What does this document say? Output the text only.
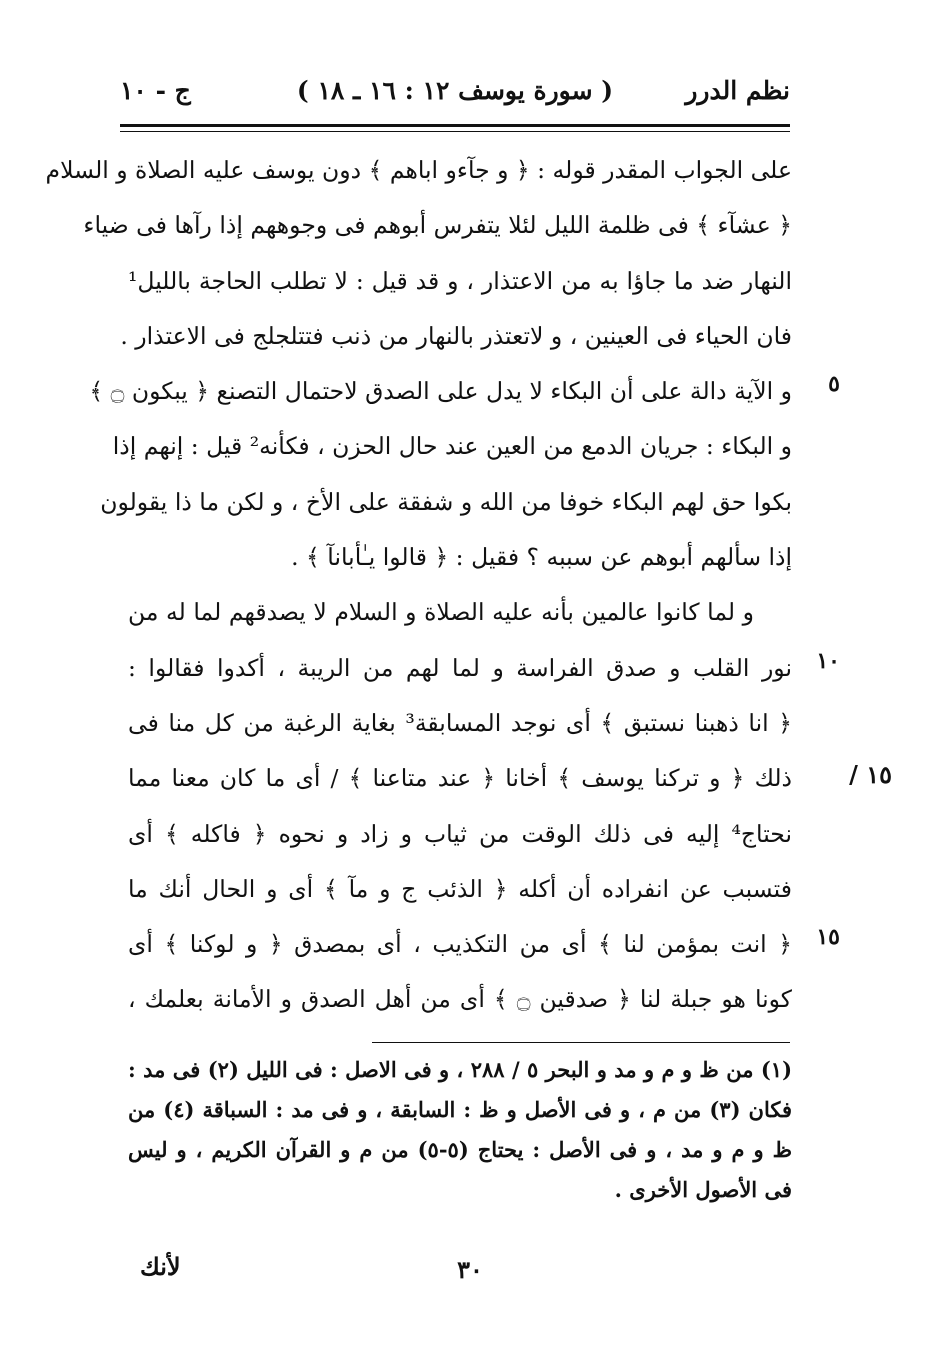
نظم الدرر
( سورة يوسف ١٢ : ١٦ ـ ١٨ )
ج - ١٠
على الجواب المقدر قوله : ﴿ و جآءو اباهم ﴾ دون يوسف عليه الصلاة و السلام
﴿ عشآء ﴾ فى ظلمة الليل لئلا يتفرس أبوهم فى وجوههم إذا رآها فى ضياء
النهار ضد ما جاؤا به من الاعتذار ، و قد قيل : لا تطلب الحاجة بالليل¹
فان الحياء فى العينين ، و لاتعتذر بالنهار من ذنب فتتلجلج فى الاعتذار .
و الآية دالة على أن البكاء لا يدل على الصدق لاحتمال التصنع ﴿ يبكون ۝ ﴾
و البكاء : جريان الدمع من العين عند حال الحزن ، فكأنه² قيل : إنهم إذا
بكوا حق لهم البكاء خوفا من الله و شفقة على الأخ ، و لكن ما ذا يقولون
إذا سألهم أبوهم عن سببه ؟ فقيل : ﴿ قالوا يـٰأبانآ ﴾ .
و لما كانوا عالمين بأنه عليه الصلاة و السلام لا يصدقهم لما له من
نور القلب و صدق الفراسة و لما لهم من الريبة ، أكدوا فقالوا :
﴿ انا ذهبنا نستبق ﴾ أى نوجد المسابقة³ بغاية الرغبة من كل منا فى
ذلك ﴿ و تركنا يوسف ﴾ أخانا ﴿ عند متاعنا ﴾ / أى ما كان معنا مما
نحتاج⁴ إليه فى ذلك الوقت من ثياب و زاد و نحوه ﴿ فاكله ﴾ أى
فتسبب عن انفراده أن أكله ﴿ الذئب ج و مآ ﴾ أى و الحال أنك ما
﴿ انت بمؤمن لنا ﴾ أى من التكذيب ، أى بمصدق ﴿ و لوكنا ﴾ أى
كونا هو جبلة لنا ﴿ صدقين ۝ ﴾ أى من أهل الصدق و الأمانة بعلمك ،
٥
١٠
١٥
١٥ /
(١) من ظ و م و مد و البحر ٥ / ٢٨٨ ، و فى الاصل : فى الليل (٢) فى مد :
فكان (٣) من م ، و فى الأصل و ظ : السابقة ، و فى مد : السباقة (٤) من
ظ و م و مد ، و فى الأصل : يحتاج (٥-٥) من م و القرآن الكريم ، و ليس
فى الأصول الأخرى .
٣٠
لأنك
